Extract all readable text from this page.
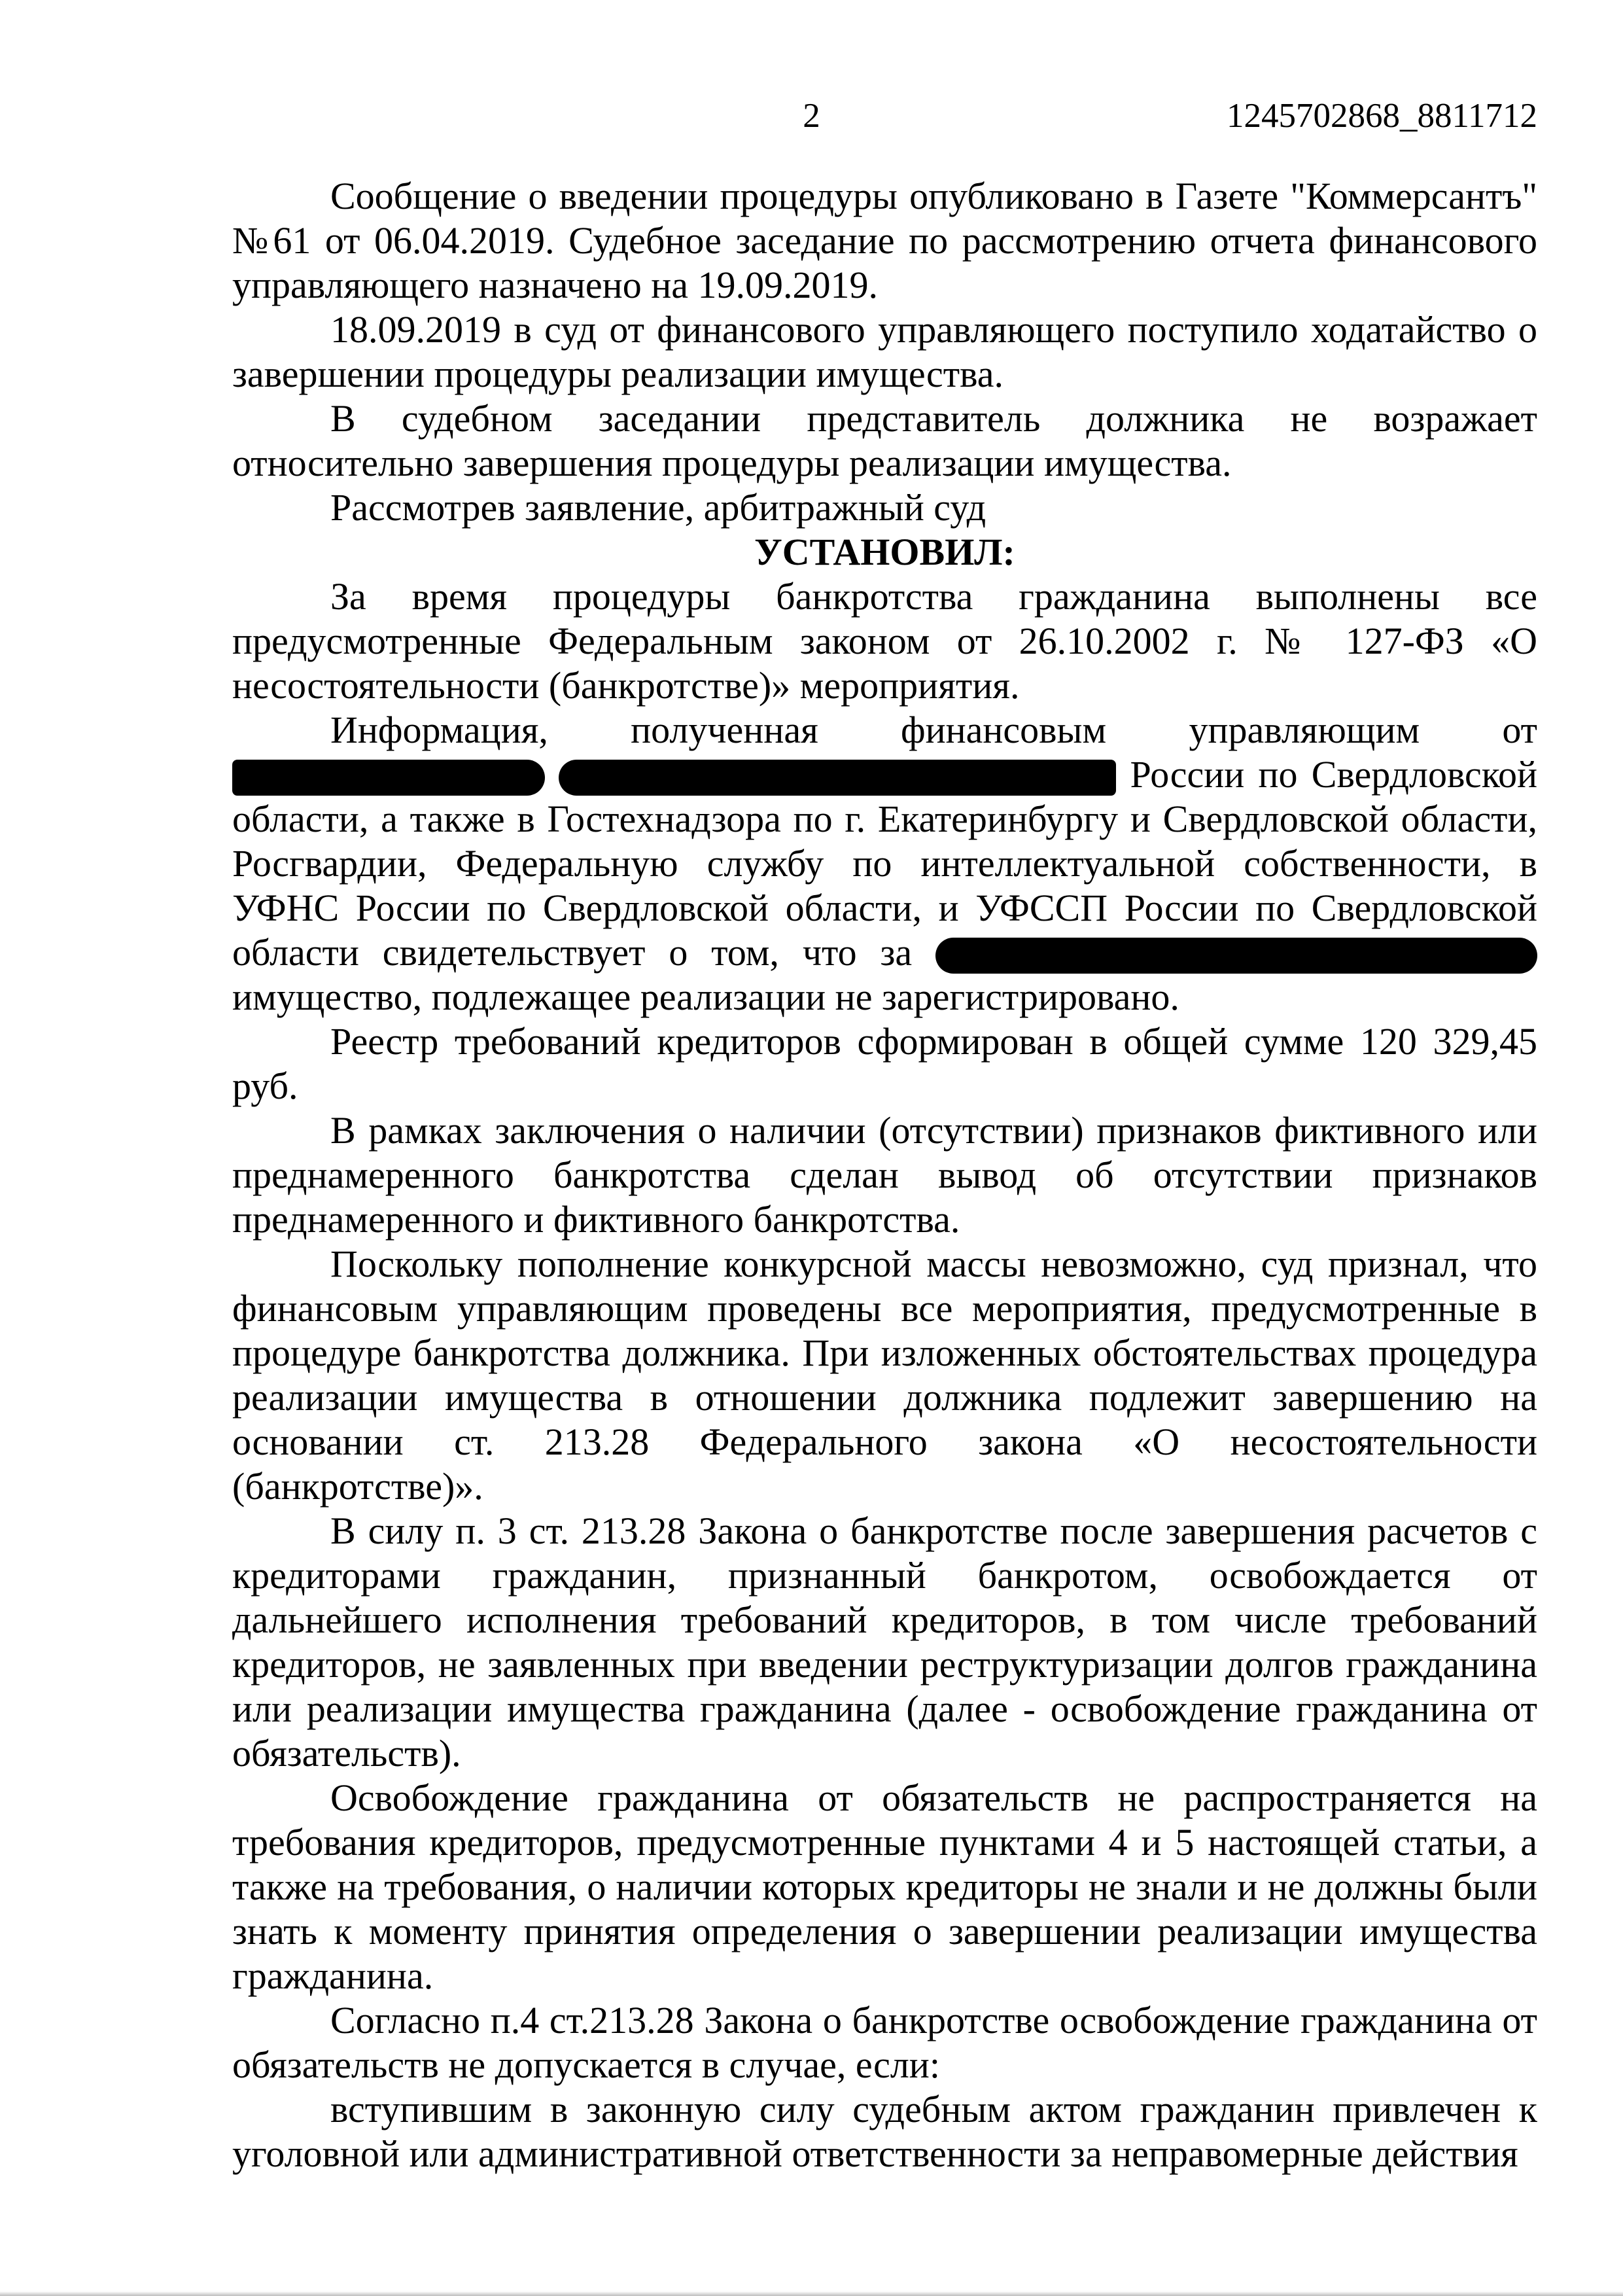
2	1245702868_8811712

Сообщение о введении процедуры опубликовано в Газете "Коммерсантъ" №61 от 06.04.2019. Судебное заседание по рассмотрению отчета финансового управляющего назначено на 19.09.2019.

18.09.2019 в суд от финансового управляющего поступило ходатайство о завершении процедуры реализации имущества.

В судебном заседании представитель должника не возражает относительно завершения процедуры реализации имущества.

Рассмотрев заявление, арбитражный суд

УСТАНОВИЛ:

За время процедуры банкротства гражданина выполнены все предусмотренные Федеральным законом от 26.10.2002 г. № 127-ФЗ «О несостоятельности (банкротстве)» мероприятия.

Информация, полученная финансовым управляющим от   России по Свердловской области, а также в Гостехнадзора по г. Екатеринбургу и Свердловской области, Росгвардии, Федеральную службу по интеллектуальной собственности, в УФНС России по Свердловской области, и УФССП России по Свердловской области свидетельствует о том, что за  имущество, подлежащее реализации не зарегистрировано.

Реестр требований кредиторов сформирован в общей сумме 120 329,45 руб.

В рамках заключения о наличии (отсутствии) признаков фиктивного или преднамеренного банкротства сделан вывод об отсутствии признаков преднамеренного и фиктивного банкротства.

Поскольку пополнение конкурсной массы невозможно, суд признал, что финансовым управляющим проведены все мероприятия, предусмотренные в процедуре банкротства должника. При изложенных обстоятельствах процедура реализации имущества в отношении должника подлежит завершению на основании ст. 213.28 Федерального закона «О несостоятельности (банкротстве)».

В силу п. 3 ст. 213.28 Закона о банкротстве после завершения расчетов с кредиторами гражданин, признанный банкротом, освобождается от дальнейшего исполнения требований кредиторов, в том числе требований кредиторов, не заявленных при введении реструктуризации долгов гражданина или реализации имущества гражданина (далее - освобождение гражданина от обязательств).

Освобождение гражданина от обязательств не распространяется на требования кредиторов, предусмотренные пунктами 4 и 5 настоящей статьи, а также на требования, о наличии которых кредиторы не знали и не должны были знать к моменту принятия определения о завершении реализации имущества гражданина.

Согласно п.4 ст.213.28 Закона о банкротстве освобождение гражданина от обязательств не допускается в случае, если:

вступившим в законную силу судебным актом гражданин привлечен к уголовной или административной ответственности за неправомерные действия
